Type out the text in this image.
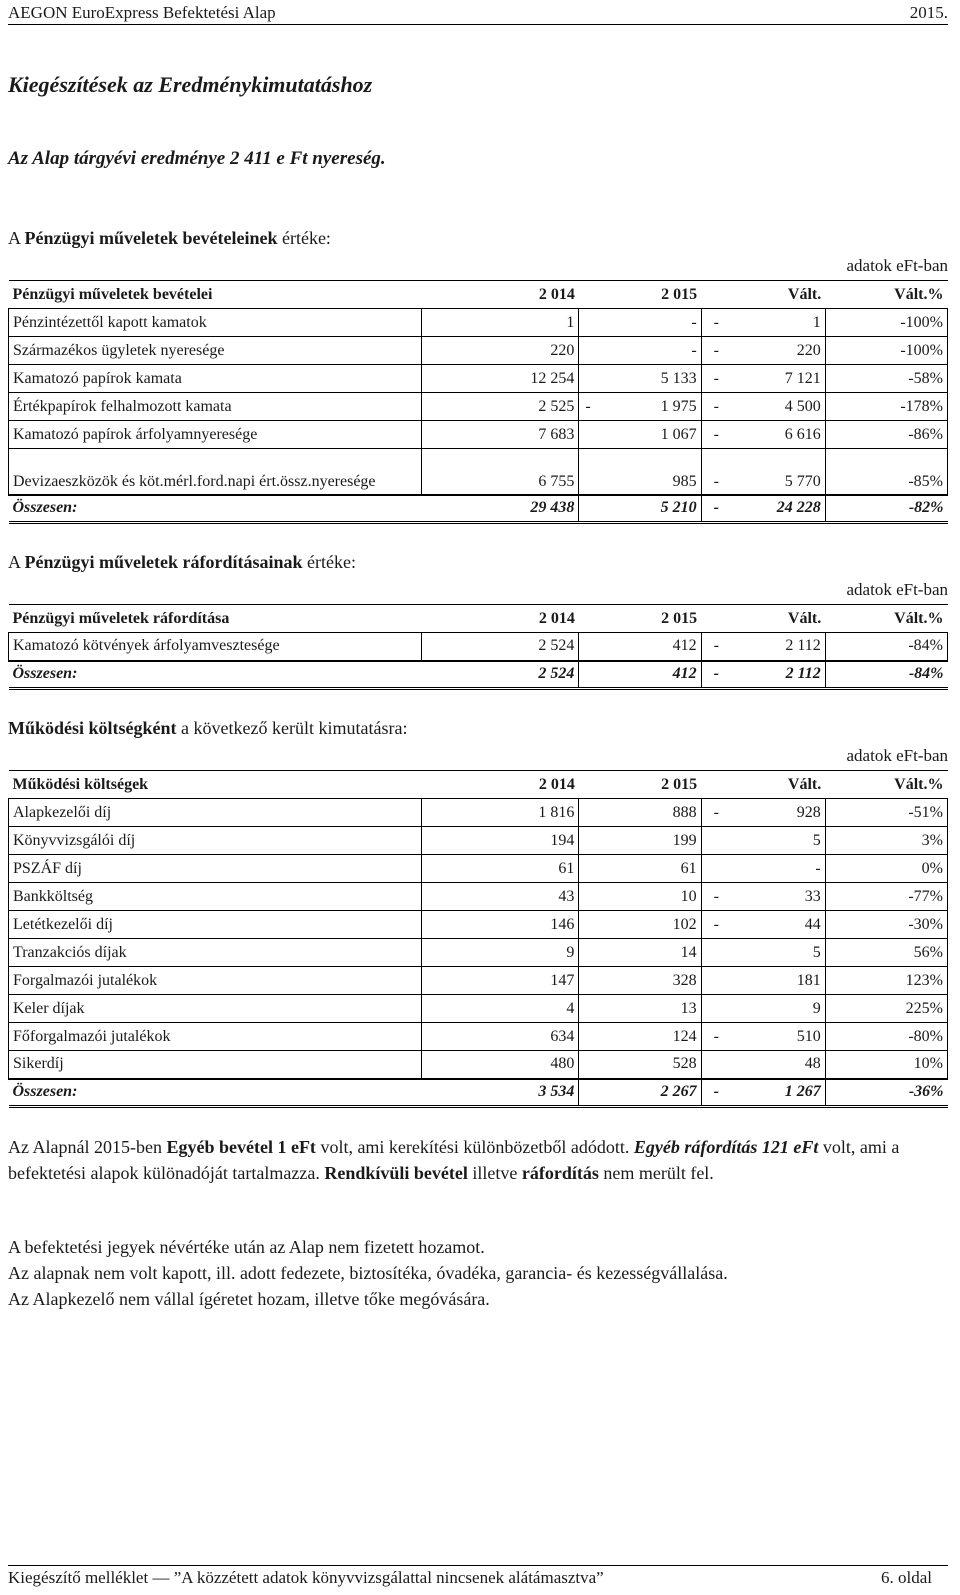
AEGON EuroExpress Befektetési Alap	2015.
Kiegészítések az Eredménykimutatáshoz
Az Alap tárgyévi eredménye 2 411 e Ft nyereség.
A Pénzügyi műveletek bevételeinek értéke:
adatok eFt-ban
Pénzügyi műveletek bevételei	2 014	2 015		Vált.	Vált.%
Pénzintézettől kapott kamatok	1	-	-	1	-100%
Származékos ügyletek nyeresége	220	-	-	220	-100%
Kamatozó papírok kamata	12 254	5 133	-	7 121	-58%
Értékpapírok felhalmozott kamata	2 525	- 1 975	-	4 500	-178%
Kamatozó papírok árfolyamnyeresége	7 683	1 067	-	6 616	-86%
Devizaeszközök és köt.mérl.ford.napi ért.össz.nyeresége	6 755	985	-	5 770	-85%
Összesen:	29 438	5 210	-	24 228	-82%
A Pénzügyi műveletek ráfordításainak értéke:
adatok eFt-ban
Pénzügyi műveletek ráfordítása	2 014	2 015		Vált.	Vált.%
Kamatozó kötvények árfolyamvesztesége	2 524	412	-	2 112	-84%
Összesen:	2 524	412	-	2 112	-84%
Működési költségként a következő került kimutatásra:
adatok eFt-ban
Működési költségek	2 014	2 015		Vált.	Vált.%
Alapkezelői díj	1 816	888	-	928	-51%
Könyvvizsgálói díj	194	199		5	3%
PSZÁF díj	61	61		-	0%
Bankköltség	43	10	-	33	-77%
Letétkezelői díj	146	102	-	44	-30%
Tranzakciós díjak	9	14		5	56%
Forgalmazói jutalékok	147	328		181	123%
Keler díjak	4	13		9	225%
Főforgalmazói jutalékok	634	124	-	510	-80%
Sikerdíj	480	528		48	10%
Összesen:	3 534	2 267	-	1 267	-36%
Az Alapnál 2015-ben Egyéb bevétel 1 eFt volt, ami kerekítési különbözetből adódott. Egyéb ráfordítás 121 eFt volt, ami a befektetési alapok különadóját tartalmazza. Rendkívüli bevétel illetve ráfordítás nem merült fel.
A befektetési jegyek névértéke után az Alap nem fizetett hozamot.
Az alapnak nem volt kapott, ill. adott fedezete, biztosítéka, óvadéka, garancia- és kezességvállalása.
Az Alapkezelő nem vállal ígéretet hozam, illetve tőke megóvására.
Kiegészítő melléklet — ”A közzétett adatok könyvvizsgálattal nincsenek alátámasztva”	6. oldal
